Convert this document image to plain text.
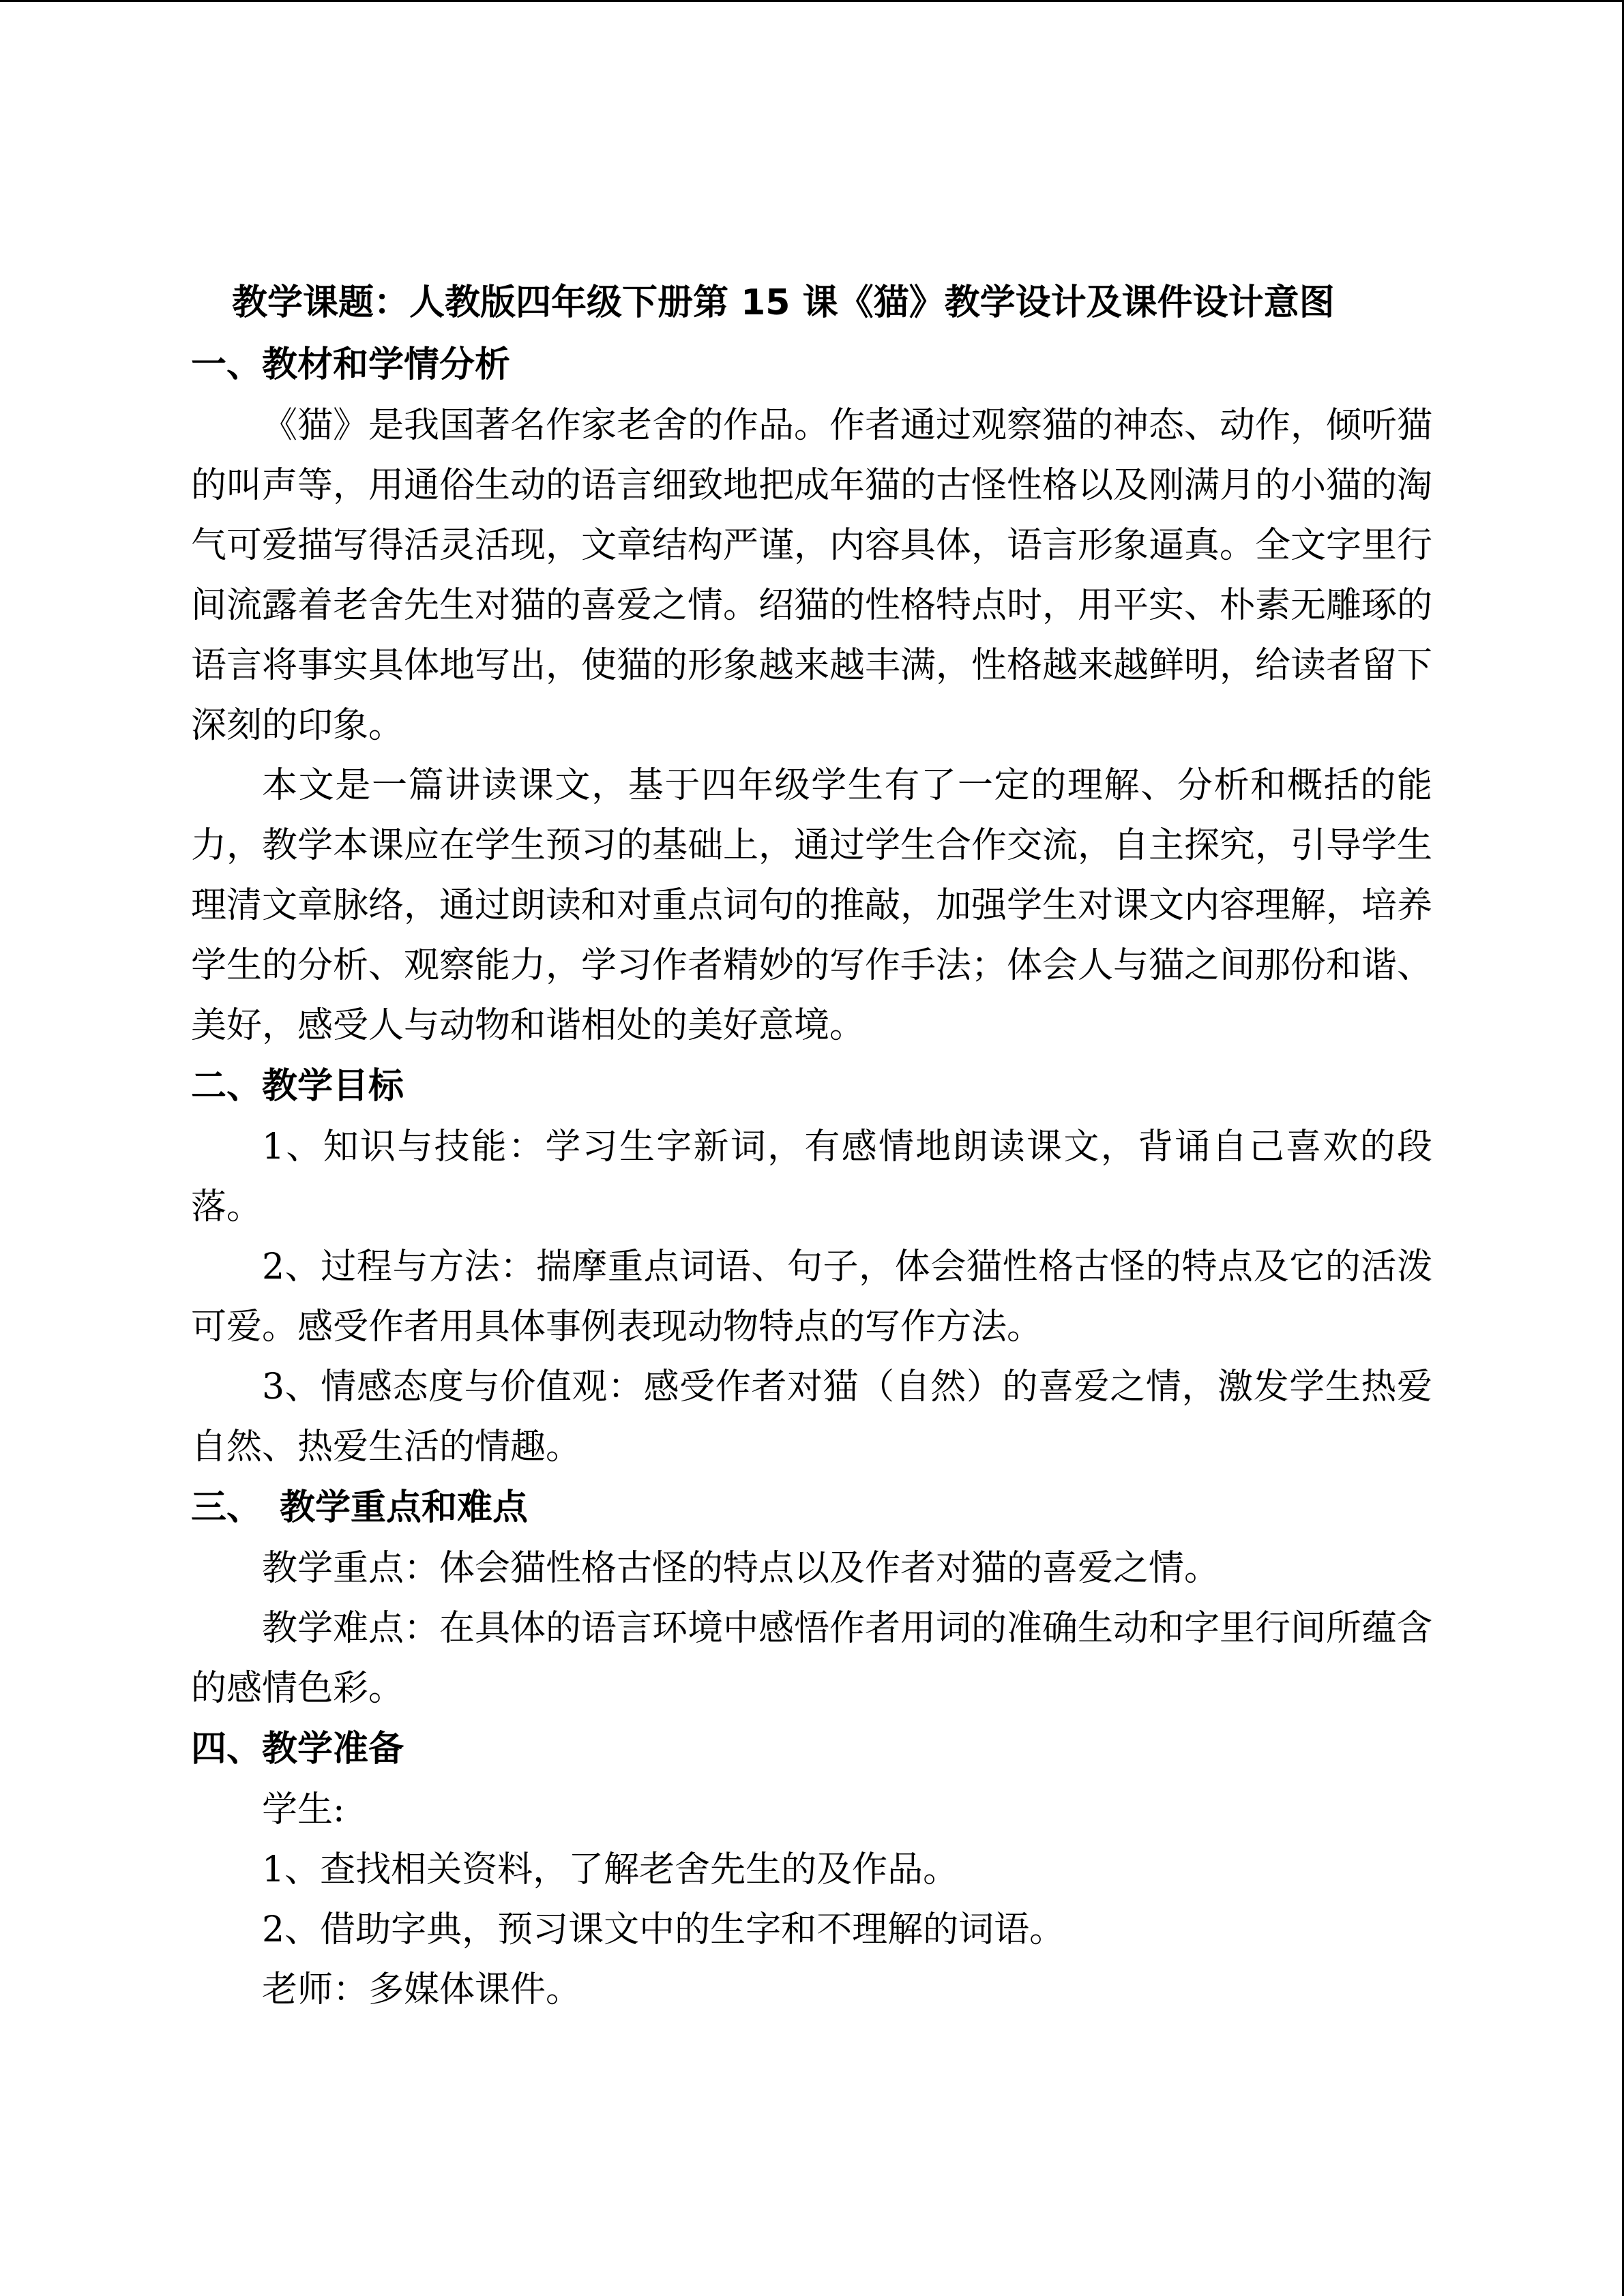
教学课题：人教版四年级下册第 15 课《猫》教学设计及课件设计意图
一、教材和学情分析

《猫》是我国著名作家老舍的作品。作者通过观察猫的神态、动作，倾听猫的叫声等，用通俗生动的语言细致地把成年猫的古怪性格以及刚满月的小猫的淘气可爱描写得活灵活现，文章结构严谨，内容具体，语言形象逼真。全文字里行间流露着老舍先生对猫的喜爱之情。绍猫的性格特点时，用平实、朴素无雕琢的语言将事实具体地写出，使猫的形象越来越丰满，性格越来越鲜明，给读者留下深刻的印象。

本文是一篇讲读课文，基于四年级学生有了一定的理解、分析和概括的能力，教学本课应在学生预习的基础上，通过学生合作交流，自主探究，引导学生理清文章脉络，通过朗读和对重点词句的推敲，加强学生对课文内容理解，培养学生的分析、观察能力，学习作者精妙的写作手法；体会人与猫之间那份和谐、美好，感受人与动物和谐相处的美好意境。

二、教学目标

1、知识与技能：学习生字新词，有感情地朗读课文，背诵自己喜欢的段落。

2、过程与方法：揣摩重点词语、句子，体会猫性格古怪的特点及它的活泼可爱。感受作者用具体事例表现动物特点的写作方法。

3、情感态度与价值观：感受作者对猫（自然）的喜爱之情，激发学生热爱自然、热爱生活的情趣。

三、　教学重点和难点

教学重点：体会猫性格古怪的特点以及作者对猫的喜爱之情。

教学难点：在具体的语言环境中感悟作者用词的准确生动和字里行间所蕴含的感情色彩。

四、教学准备
学生:
1、查找相关资料，了解老舍先生的及作品。
2、借助字典，预习课文中的生字和不理解的词语。
老师：多媒体课件。
